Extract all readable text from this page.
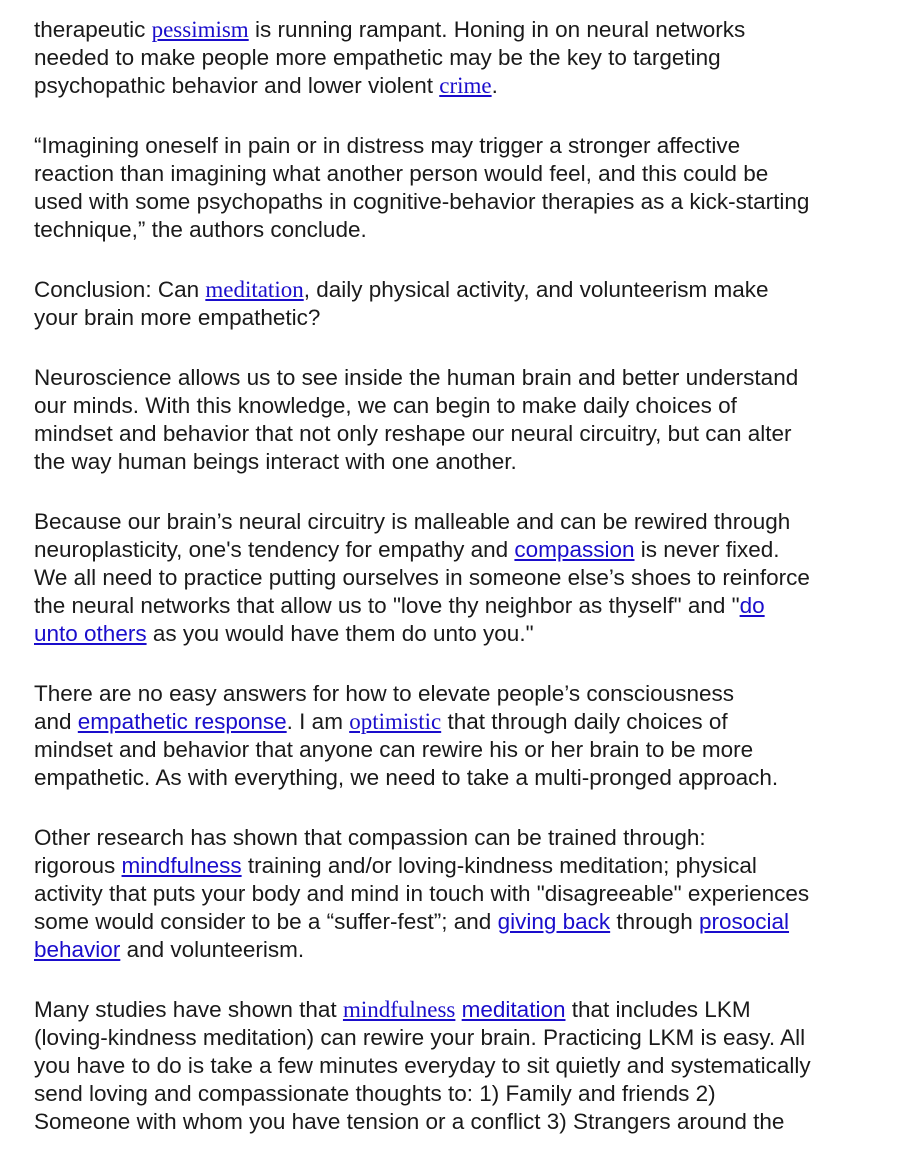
therapeutic pessimism is running rampant. Honing in on neural networks
needed to make people more empathetic may be the key to targeting
psychopathic behavior and lower violent crime.

“Imagining oneself in pain or in distress may trigger a stronger affective
reaction than imagining what another person would feel, and this could be
used with some psychopaths in cognitive-behavior therapies as a kick-starting
technique,” the authors conclude.

Conclusion: Can meditation, daily physical activity, and volunteerism make
your brain more empathetic?

Neuroscience allows us to see inside the human brain and better understand
our minds. With this knowledge, we can begin to make daily choices of
mindset and behavior that not only reshape our neural circuitry, but can alter
the way human beings interact with one another.

Because our brain’s neural circuitry is malleable and can be rewired through
neuroplasticity, one's tendency for empathy and compassion is never fixed.
We all need to practice putting ourselves in someone else’s shoes to reinforce
the neural networks that allow us to "love thy neighbor as thyself" and "do
unto others as you would have them do unto you."

There are no easy answers for how to elevate people’s consciousness
and empathetic response. I am optimistic that through daily choices of
mindset and behavior that anyone can rewire his or her brain to be more
empathetic. As with everything, we need to take a multi-pronged approach.

Other research has shown that compassion can be trained through:
rigorous mindfulness training and/or loving-kindness meditation; physical
activity that puts your body and mind in touch with "disagreeable" experiences
some would consider to be a “suffer-fest”; and giving back through prosocial
behavior and volunteerism.

Many studies have shown that mindfulness meditation that includes LKM
(loving-kindness meditation) can rewire your brain. Practicing LKM is easy. All
you have to do is take a few minutes everyday to sit quietly and systematically
send loving and compassionate thoughts to: 1) Family and friends 2)
Someone with whom you have tension or a conflict 3) Strangers around the
